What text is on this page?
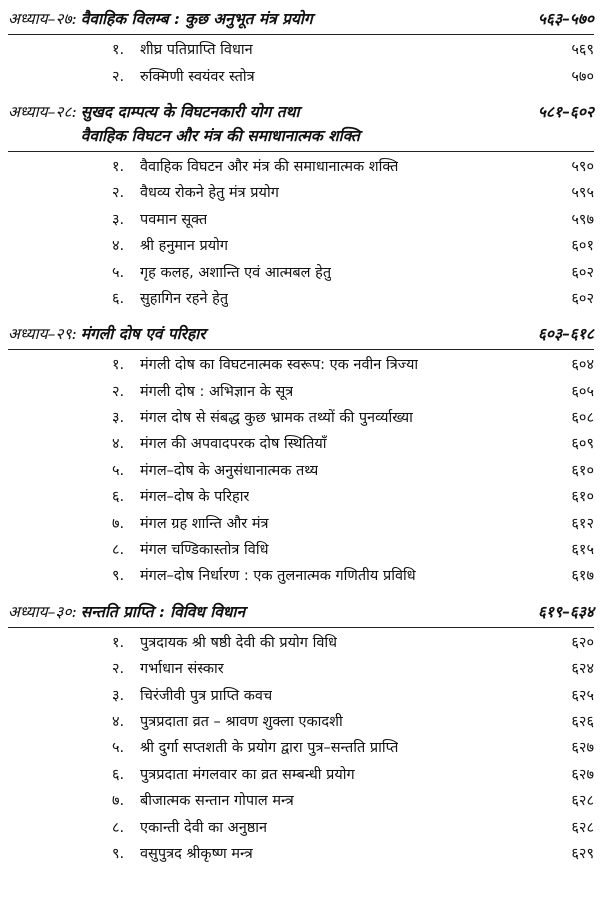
अध्याय–२७: वैवाहिक विलम्ब : कुछ अनुभूत मंत्र प्रयोग	५६३–५७०
१. शीघ्र पतिप्राप्ति विधान	५६९
२. रुक्मिणी स्वयंवर स्तोत्र	५७०
अध्याय–२८: सुखद दाम्पत्य के विघटनकारी योग तथा
वैवाहिक विघटन और मंत्र की समाधानात्मक शक्ति
५८१–६०२
१. वैवाहिक विघटन और मंत्र की समाधानात्मक शक्ति	५९०
२. वैधव्य रोकने हेतु मंत्र प्रयोग	५९५
३. पवमान सूक्त	५९७
४. श्री हनुमान प्रयोग	६०१
५. गृह कलह, अशान्ति एवं आत्मबल हेतु	६०२
६. सुहागिन रहने हेतु	६०२
अध्याय–२९: मंगली दोष एवं परिहार	६०३–६१८
१. मंगली दोष का विघटनात्मक स्वरूप: एक नवीन त्रिज्या	६०४
२. मंगली दोष : अभिज्ञान के सूत्र	६०५
३. मंगल दोष से संबद्ध कुछ भ्रामक तथ्यों की पुनर्व्याख्या	६०८
४. मंगल की अपवादपरक दोष स्थितियाँ	६०९
५. मंगल–दोष के अनुसंधानात्मक तथ्य	६१०
६. मंगल–दोष के परिहार	६१०
७. मंगल ग्रह शान्ति और मंत्र	६१२
८. मंगल चण्डिकास्तोत्र विधि	६१५
९. मंगल–दोष निर्धारण : एक तुलनात्मक गणितीय प्रविधि	६१७
अध्याय–३०: सन्तति प्राप्ति : विविध विधान	६१९–६३४
१. पुत्रदायक श्री षष्ठी देवी की प्रयोग विधि	६२०
२. गर्भाधान संस्कार	६२४
३. चिरंजीवी पुत्र प्राप्ति कवच	६२५
४. पुत्रप्रदाता व्रत – श्रावण शुक्ला एकादशी	६२६
५. श्री दुर्गा सप्तशती के प्रयोग द्वारा पुत्र–सन्तति प्राप्ति	६२७
६. पुत्रप्रदाता मंगलवार का व्रत सम्बन्धी प्रयोग	६२७
७. बीजात्मक सन्तान गोपाल मन्त्र	६२८
८. एकान्ती देवी का अनुष्ठान	६२८
९. वसुपुत्रद श्रीकृष्ण मन्त्र	६२९
